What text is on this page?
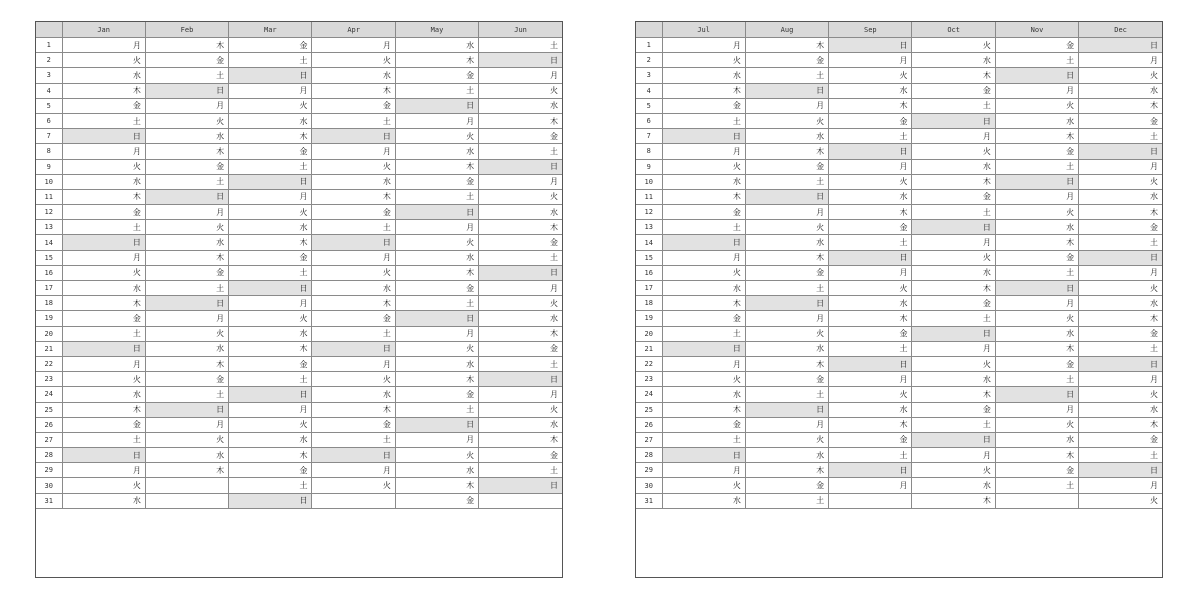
	Jan	Feb	Mar	Apr	May	Jun
1	月	木	金	月	水	土
2	火	金	土	火	木	日
3	水	土	日	水	金	月
4	木	日	月	木	土	火
5	金	月	火	金	日	水
6	土	火	水	土	月	木
7	日	水	木	日	火	金
8	月	木	金	月	水	土
9	火	金	土	火	木	日
10	水	土	日	水	金	月
11	木	日	月	木	土	火
12	金	月	火	金	日	水
13	土	火	水	土	月	木
14	日	水	木	日	火	金
15	月	木	金	月	水	土
16	火	金	土	火	木	日
17	水	土	日	水	金	月
18	木	日	月	木	土	火
19	金	月	火	金	日	水
20	土	火	水	土	月	木
21	日	水	木	日	火	金
22	月	木	金	月	水	土
23	火	金	土	火	木	日
24	水	土	日	水	金	月
25	木	日	月	木	土	火
26	金	月	火	金	日	水
27	土	火	水	土	月	木
28	日	水	木	日	火	金
29	月	木	金	月	水	土
30	火		土	火	木	日
31	水		日		金	
	Jul	Aug	Sep	Oct	Nov	Dec
1	月	木	日	火	金	日
2	火	金	月	水	土	月
3	水	土	火	木	日	火
4	木	日	水	金	月	水
5	金	月	木	土	火	木
6	土	火	金	日	水	金
7	日	水	土	月	木	土
8	月	木	日	火	金	日
9	火	金	月	水	土	月
10	水	土	火	木	日	火
11	木	日	水	金	月	水
12	金	月	木	土	火	木
13	土	火	金	日	水	金
14	日	水	土	月	木	土
15	月	木	日	火	金	日
16	火	金	月	水	土	月
17	水	土	火	木	日	火
18	木	日	水	金	月	水
19	金	月	木	土	火	木
20	土	火	金	日	水	金
21	日	水	土	月	木	土
22	月	木	日	火	金	日
23	火	金	月	水	土	月
24	水	土	火	木	日	火
25	木	日	水	金	月	水
26	金	月	木	土	火	木
27	土	火	金	日	水	金
28	日	水	土	月	木	土
29	月	木	日	火	金	日
30	火	金	月	水	土	月
31	水	土		木		火
